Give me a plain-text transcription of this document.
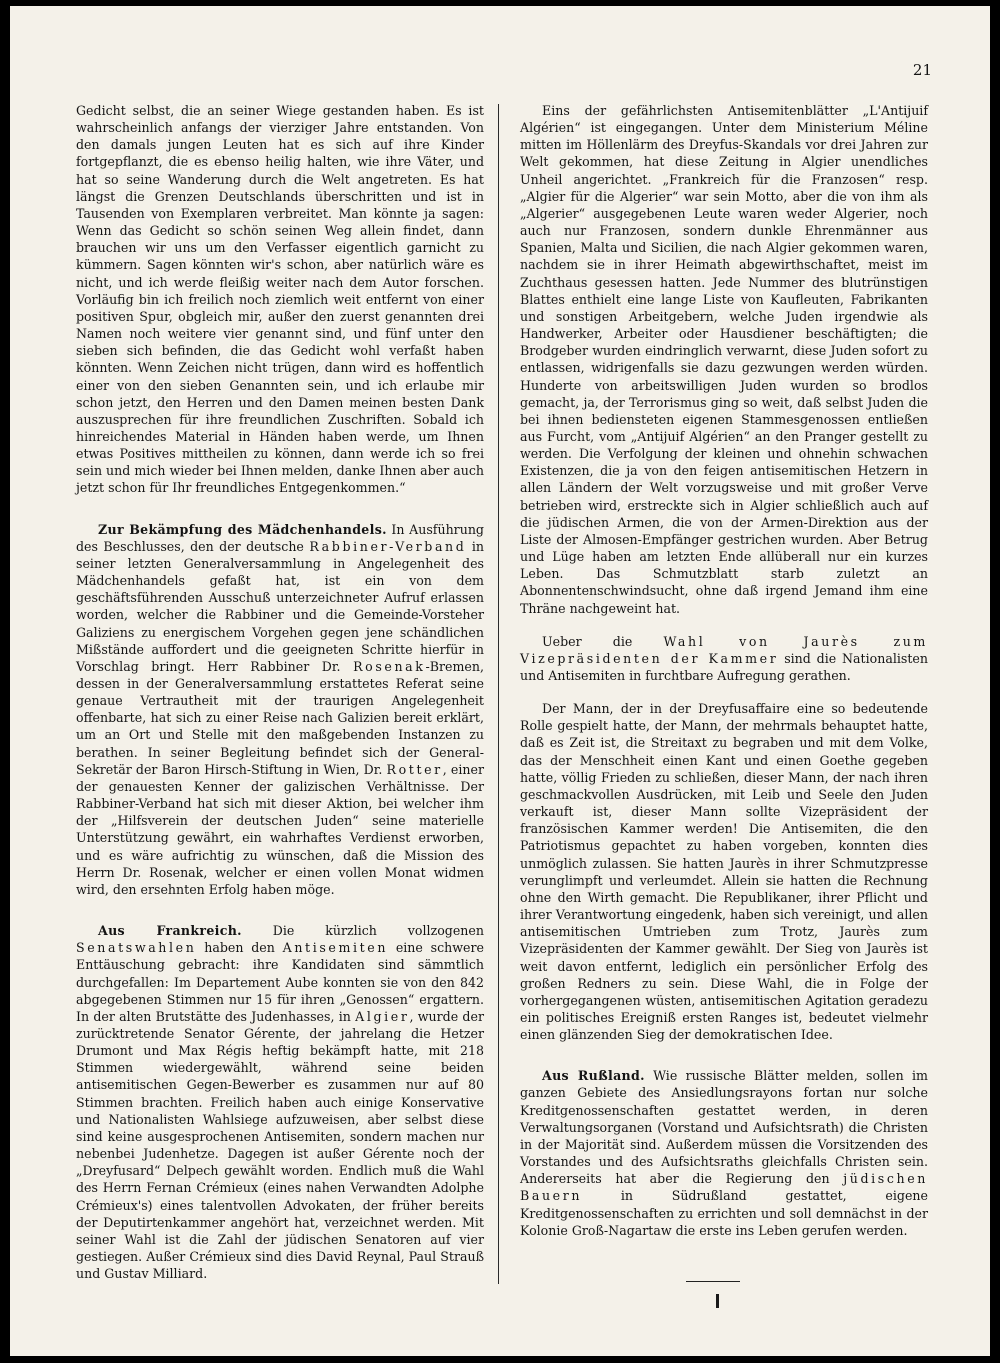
21

Gedicht selbst, die an seiner Wiege gestanden haben. Es ist wahrscheinlich anfangs der vierziger Jahre entstanden. Von den damals jungen Leuten hat es sich auf ihre Kinder fortgepflanzt, die es ebenso heilig halten, wie ihre Väter, und hat so seine Wanderung durch die Welt angetreten. Es hat längst die Grenzen Deutschlands überschritten und ist in Tausenden von Exemplaren verbreitet. Man könnte ja sagen: Wenn das Gedicht so schön seinen Weg allein findet, dann brauchen wir uns um den Verfasser eigentlich garnicht zu kümmern. Sagen könnten wir's schon, aber natürlich wäre es nicht, und ich werde fleißig weiter nach dem Autor forschen. Vorläufig bin ich freilich noch ziemlich weit entfernt von einer positiven Spur, obgleich mir, außer den zuerst genannten drei Namen noch weitere vier genannt sind, und fünf unter den sieben sich befinden, die das Gedicht wohl verfaßt haben könnten. Wenn Zeichen nicht trügen, dann wird es hoffentlich einer von den sieben Genannten sein, und ich erlaube mir schon jetzt, den Herren und den Damen meinen besten Dank auszusprechen für ihre freundlichen Zuschriften. Sobald ich hinreichendes Material in Händen haben werde, um Ihnen etwas Positives mittheilen zu können, dann werde ich so frei sein und mich wieder bei Ihnen melden, danke Ihnen aber auch jetzt schon für Ihr freundliches Entgegenkommen.“

Zur Bekämpfung des Mädchenhandels. In Ausführung des Beschlusses, den der deutsche Rabbiner-Verband in seiner letzten Generalversammlung in Angelegenheit des Mädchenhandels gefaßt hat, ist ein von dem geschäftsführenden Ausschuß unterzeichneter Aufruf erlassen worden, welcher die Rabbiner und die Gemeinde-Vorsteher Galiziens zu energischem Vorgehen gegen jene schändlichen Mißstände auffordert und die geeigneten Schritte hierfür in Vorschlag bringt. Herr Rabbiner Dr. Rosenak-Bremen, dessen in der Generalversammlung erstattetes Referat seine genaue Vertrautheit mit der traurigen Angelegenheit offenbarte, hat sich zu einer Reise nach Galizien bereit erklärt, um an Ort und Stelle mit den maßgebenden Instanzen zu berathen. In seiner Begleitung befindet sich der General-Sekretär der Baron Hirsch-Stiftung in Wien, Dr. Rotter, einer der genauesten Kenner der galizischen Verhältnisse. Der Rabbiner-Verband hat sich mit dieser Aktion, bei welcher ihm der „Hilfsverein der deutschen Juden“ seine materielle Unterstützung gewährt, ein wahrhaftes Verdienst erworben, und es wäre aufrichtig zu wünschen, daß die Mission des Herrn Dr. Rosenak, welcher er einen vollen Monat widmen wird, den ersehnten Erfolg haben möge.

Aus Frankreich. Die kürzlich vollzogenen Senatswahlen haben den Antisemiten eine schwere Enttäuschung gebracht: ihre Kandidaten sind sämmtlich durchgefallen: Im Departement Aube konnten sie von den 842 abgegebenen Stimmen nur 15 für ihren „Genossen“ ergattern. In der alten Brutstätte des Judenhasses, in Algier, wurde der zurücktretende Senator Gérente, der jahrelang die Hetzer Drumont und Max Régis heftig bekämpft hatte, mit 218 Stimmen wiedergewählt, während seine beiden antisemitischen Gegen-Bewerber es zusammen nur auf 80 Stimmen brachten. Freilich haben auch einige Konservative und Nationalisten Wahlsiege aufzuweisen, aber selbst diese sind keine ausgesprochenen Antisemiten, sondern machen nur nebenbei Judenhetze. Dagegen ist außer Gérente noch der „Dreyfusard“ Delpech gewählt worden. Endlich muß die Wahl des Herrn Fernan Crémieux (eines nahen Verwandten Adolphe Crémieux's) eines talentvollen Advokaten, der früher bereits der Deputirtenkammer angehört hat, verzeichnet werden. Mit seiner Wahl ist die Zahl der jüdischen Senatoren auf vier gestiegen. Außer Crémieux sind dies David Reynal, Paul Strauß und Gustav Milliard.

Eins der gefährlichsten Antisemitenblätter „L'Antijuif Algérien“ ist eingegangen. Unter dem Ministerium Méline mitten im Höllenlärm des Dreyfus-Skandals vor drei Jahren zur Welt gekommen, hat diese Zeitung in Algier unendliches Unheil angerichtet. „Frankreich für die Franzosen“ resp. „Algier für die Algerier“ war sein Motto, aber die von ihm als „Algerier“ ausgegebenen Leute waren weder Algerier, noch auch nur Franzosen, sondern dunkle Ehrenmänner aus Spanien, Malta und Sicilien, die nach Algier gekommen waren, nachdem sie in ihrer Heimath abgewirthschaftet, meist im Zuchthaus gesessen hatten. Jede Nummer des blutrünstigen Blattes enthielt eine lange Liste von Kaufleuten, Fabrikanten und sonstigen Arbeitgebern, welche Juden irgendwie als Handwerker, Arbeiter oder Hausdiener beschäftigten; die Brodgeber wurden eindringlich verwarnt, diese Juden sofort zu entlassen, widrigenfalls sie dazu gezwungen werden würden. Hunderte von arbeitswilligen Juden wurden so brodlos gemacht, ja, der Terrorismus ging so weit, daß selbst Juden die bei ihnen bediensteten eigenen Stammesgenossen entließen aus Furcht, vom „Antijuif Algérien“ an den Pranger gestellt zu werden. Die Verfolgung der kleinen und ohnehin schwachen Existenzen, die ja von den feigen antisemitischen Hetzern in allen Ländern der Welt vorzugsweise und mit großer Verve betrieben wird, erstreckte sich in Algier schließlich auch auf die jüdischen Armen, die von der Armen-Direktion aus der Liste der Almosen-Empfänger gestrichen wurden. Aber Betrug und Lüge haben am letzten Ende allüberall nur ein kurzes Leben. Das Schmutzblatt starb zuletzt an Abonnentenschwindsucht, ohne daß irgend Jemand ihm eine Thräne nachgeweint hat.

Ueber die Wahl von Jaurès zum Vizepräsidenten der Kammer sind die Nationalisten und Antisemiten in furchtbare Aufregung gerathen.

Der Mann, der in der Dreyfusaffaire eine so bedeutende Rolle gespielt hatte, der Mann, der mehrmals behauptet hatte, daß es Zeit ist, die Streitaxt zu begraben und mit dem Volke, das der Menschheit einen Kant und einen Goethe gegeben hatte, völlig Frieden zu schließen, dieser Mann, der nach ihren geschmackvollen Ausdrücken, mit Leib und Seele den Juden verkauft ist, dieser Mann sollte Vizepräsident der französischen Kammer werden! Die Antisemiten, die den Patriotismus gepachtet zu haben vorgeben, konnten dies unmöglich zulassen. Sie hatten Jaurès in ihrer Schmutzpresse verunglimpft und verleumdet. Allein sie hatten die Rechnung ohne den Wirth gemacht. Die Republikaner, ihrer Pflicht und ihrer Verantwortung eingedenk, haben sich vereinigt, und allen antisemitischen Umtrieben zum Trotz, Jaurès zum Vizepräsidenten der Kammer gewählt. Der Sieg von Jaurès ist weit davon entfernt, lediglich ein persönlicher Erfolg des großen Redners zu sein. Diese Wahl, die in Folge der vorhergegangenen wüsten, antisemitischen Agitation geradezu ein politisches Ereigniß ersten Ranges ist, bedeutet vielmehr einen glänzenden Sieg der demokratischen Idee.

Aus Rußland. Wie russische Blätter melden, sollen im ganzen Gebiete des Ansiedlungsrayons fortan nur solche Kreditgenossenschaften gestattet werden, in deren Verwaltungsorganen (Vorstand und Aufsichtsrath) die Christen in der Majorität sind. Außerdem müssen die Vorsitzenden des Vorstandes und des Aufsichtsraths gleichfalls Christen sein. Andererseits hat aber die Regierung den jüdischen Bauern	in Südrußland gestattet, eigene Kreditgenossenschaften zu errichten und soll demnächst in der Kolonie Groß-Nagartaw die erste ins Leben gerufen werden.
